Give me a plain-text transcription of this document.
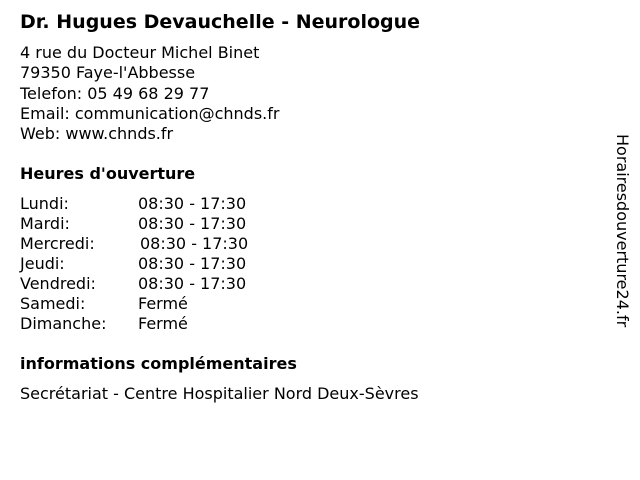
Dr. Hugues Devauchelle - Neurologue
4 rue du Docteur Michel Binet
79350 Faye-l'Abbesse
Telefon: 05 49 68 29 77
Email: communication@chnds.fr
Web: www.chnds.fr
Heures d'ouverture
Lundi:	08:30 - 17:30
Mardi:	08:30 - 17:30
Mercredi:	08:30 - 17:30
Jeudi:	08:30 - 17:30
Vendredi:	08:30 - 17:30
Samedi:	Fermé
Dimanche: Fermé
informations complémentaires
Secrétariat - Centre Hospitalier Nord Deux-Sèvres
Horairesdouverture24.fr
